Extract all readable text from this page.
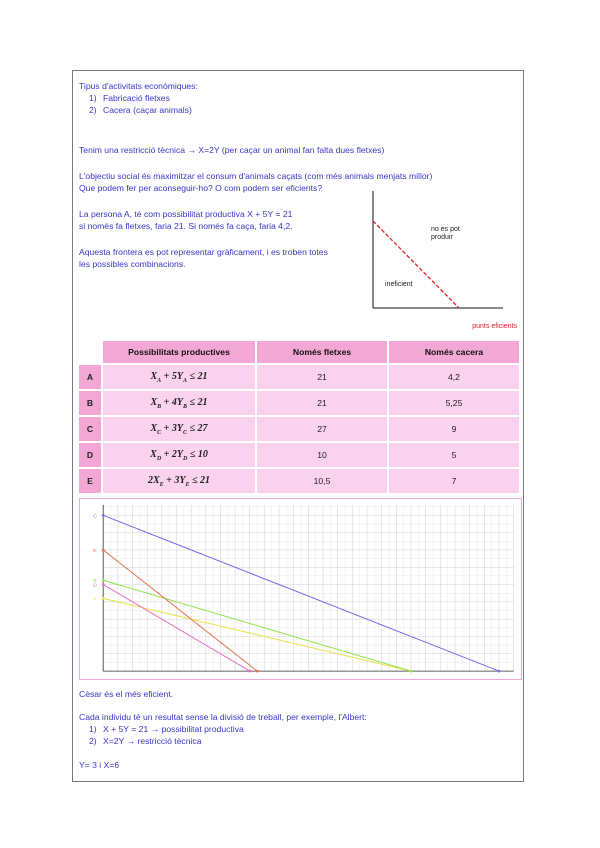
Tipus d'activitats econòmiques:
1) Fabricació fletxes
2) Cacera (caçar animals)
Tenim una restricció tècnica → X=2Y (per caçar un animal fan falta dues fletxes)
L'objectiu social és maximitzar el consum d'animals caçats (com més animals menjats millor)
Que podem fer per aconseguir-ho? O com podem ser eficients?
La persona A, té com possibilitat productiva X + 5Y = 21
si només fa fletxes, faria 21. Si només fa caça, faria 4,2.
Aquesta frontera es pot representar gràficament, i es troben totes
les possibles combinacions.
no es pot
produir
ineficient
punts eficients
	Possibilitats productives	Només fletxes	Només cacera
A	$X_A + 5Y_A \le 21$	21	4,2
B	$X_B + 4Y_B \le 21$	21	5,25
C	$X_C + 3Y_C \le 27$	27	9
D	$X_D + 2Y_D \le 10$	10	5
E	$2X_E + 3Y_E \le 21$	10,5	7
A
B
C
D
E
Cèsar és el més eficient.
Cada individu té un resultat sense la divisió de treball, per exemple, l'Albert:
1) X + 5Y = 21 → possibilitat productiva
2) X=2Y → restricció tècnica
Y= 3 i X=6
